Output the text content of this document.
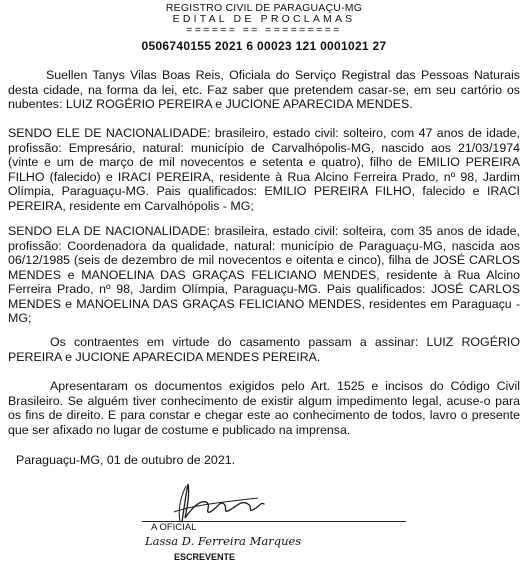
REGISTRO CIVIL DE PARAGUAÇU-MG
EDITAL DE PROCLAMAS
====== == =========
0506740155 2021 6 00023 121 0001021 27

Suellen Tanys Vilas Boas Reis, Oficiala do Serviço Registral das Pessoas Naturais desta cidade, na forma da lei, etc. Faz saber que pretendem casar-se, em seu cartório os nubentes: LUIZ ROGÉRIO PEREIRA e JUCIONE APARECIDA MENDES.

SENDO ELE DE NACIONALIDADE: brasileiro, estado civil: solteiro, com 47 anos de idade, profissão: Empresário, natural: município de Carvalhópolis-MG, nascido aos 21/03/1974 (vinte e um de março de mil novecentos e setenta e quatro), filho de EMILIO PEREIRA FILHO (falecido) e IRACI PEREIRA, residente à Rua Alcino Ferreira Prado, nº 98, Jardim Olímpia, Paraguaçu-MG. Pais qualificados: EMILIO PEREIRA FILHO, falecido e IRACI PEREIRA, residente em Carvalhópolis - MG;

SENDO ELA DE NACIONALIDADE: brasileira, estado civil: solteira, com 35 anos de idade, profissão: Coordenadora da qualidade, natural: município de Paraguaçu-MG, nascida aos 06/12/1985 (seis de dezembro de mil novecentos e oitenta e cinco), filha de JOSÉ CARLOS MENDES e MANOELINA DAS GRAÇAS FELICIANO MENDES, residente à Rua Alcino Ferreira Prado, nº 98, Jardim Olímpia, Paraguaçu-MG. Pais qualificados: JOSÉ CARLOS MENDES e MANOELINA DAS GRAÇAS FELICIANO MENDES, residentes em Paraguaçu - MG;

Os contraentes em virtude do casamento passam a assinar: LUIZ ROGÉRIO PEREIRA e JUCIONE APARECIDA MENDES PEREIRA.

Apresentaram os documentos exigidos pelo Art. 1525 e incisos do Código Civil Brasileiro. Se alguém tiver conhecimento de existir algum impedimento legal, acuse-o para os fins de direito. E para constar e chegar este ao conhecimento de todos, lavro o presente que ser afixado no lugar de costume e publicado na imprensa.

Paraguaçu-MG, 01 de outubro de 2021.
A OFICIAL
Lassa D. Ferreira Marques
ESCREVENTE
